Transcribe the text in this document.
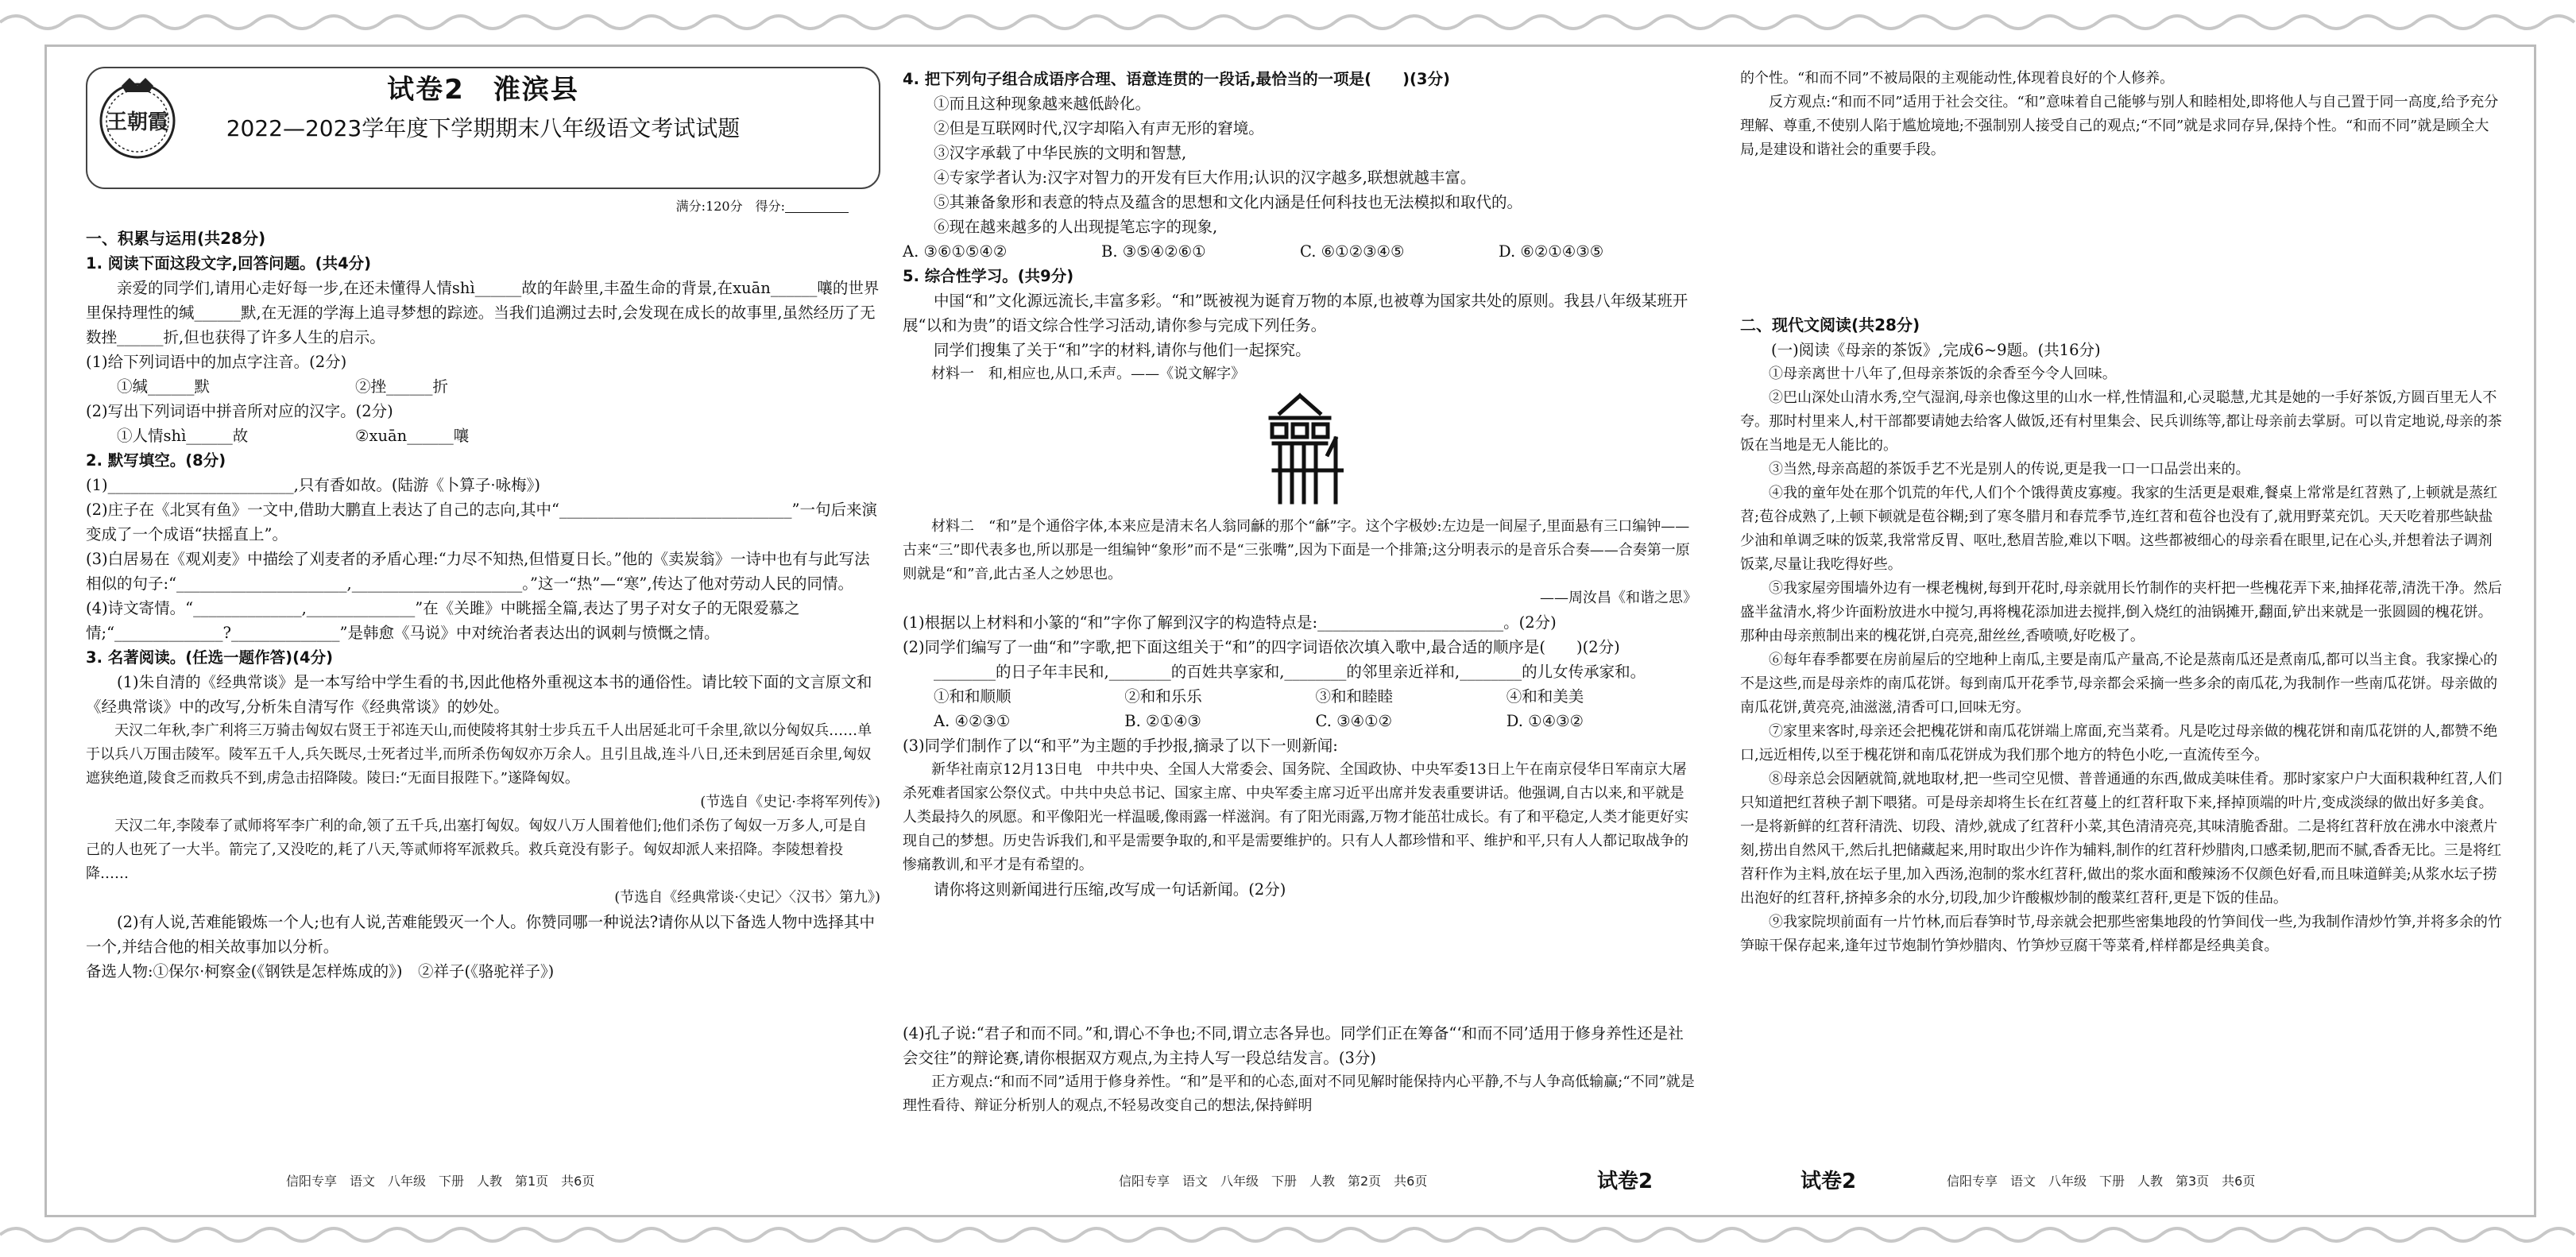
王朝霞
试卷2　淮滨县
2022—2023学年度下学期期末八年级语文考试试题
满分:120分　得分:

一、积累与运用(共28分)

1. 阅读下面这段文字,回答问题。(共4分)

亲爱的同学们,请用心走好每一步,在还未懂得人情shì______故的年龄里,丰盈生命的背景,在xuān______嚷的世界里保持理性的缄______默,在无涯的学海上追寻梦想的踪迹。当我们追溯过去时,会发现在成长的故事里,虽然经历了无数挫______折,但也获得了许多人生的启示。

(1)给下列词语中的加点字注音。(2分)

①缄______默	②挫______折

(2)写出下列词语中拼音所对应的汉字。(2分)

①人情shì______故	②xuān______嚷

2. 默写填空。(8分)

(1)________________________,只有香如故。(陆游《卜算子·咏梅》)

(2)庄子在《北冥有鱼》一文中,借助大鹏直上表达了自己的志向,其中“______________________________”一句后来演变成了一个成语“扶摇直上”。

(3)白居易在《观刈麦》中描绘了刈麦者的矛盾心理:“力尽不知热,但惜夏日长。”他的《卖炭翁》一诗中也有与此写法相似的句子:“______________________,______________________。”这一“热”—“寒”,传达了他对劳动人民的同情。

(4)诗文寄情。“______________,______________”在《关雎》中眺摇全篇,表达了男子对女子的无限爱慕之情;“______________?______________”是韩愈《马说》中对统治者表达出的讽刺与愤慨之情。

3. 名著阅读。(任选一题作答)(4分)

(1)朱自清的《经典常谈》是一本写给中学生看的书,因此他格外重视这本书的通俗性。请比较下面的文言原文和《经典常谈》中的改写,分析朱自清写作《经典常谈》的妙处。

天汉二年秋,李广利将三万骑击匈奴右贤王于祁连天山,而使陵将其射士步兵五千人出居延北可千余里,欲以分匈奴兵……单于以兵八万围击陵军。陵军五千人,兵矢既尽,士死者过半,而所杀伤匈奴亦万余人。且引且战,连斗八日,还未到居延百余里,匈奴遮狭绝道,陵食乏而救兵不到,虏急击招降陵。陵曰:“无面目报陛下。”遂降匈奴。

(节选自《史记·李将军列传》)

天汉二年,李陵奉了贰师将军李广利的命,领了五千兵,出塞打匈奴。匈奴八万人围着他们;他们杀伤了匈奴一万多人,可是自己的人也死了一大半。箭完了,又没吃的,耗了八天,等贰师将军派救兵。救兵竟没有影子。匈奴却派人来招降。李陵想着投降……

(节选自《经典常谈·〈史记〉〈汉书〉第九》)

(2)有人说,苦难能锻炼一个人;也有人说,苦难能毁灭一个人。你赞同哪一种说法?请你从以下备选人物中选择其中一个,并结合他的相关故事加以分析。

备选人物:①保尔·柯察金(《钢铁是怎样炼成的》)　②祥子(《骆驼祥子》)

4. 把下列句子组合成语序合理、语意连贯的一段话,最恰当的一项是(　　)(3分)

①而且这种现象越来越低龄化。

②但是互联网时代,汉字却陷入有声无形的窘境。

③汉字承载了中华民族的文明和智慧,

④专家学者认为:汉字对智力的开发有巨大作用;认识的汉字越多,联想就越丰富。

⑤其兼备象形和表意的特点及蕴含的思想和文化内涵是任何科技也无法模拟和取代的。

⑥现在越来越多的人出现提笔忘字的现象,

A. ③⑥①⑤④②	B. ③⑤④②⑥①	C. ⑥①②③④⑤	D. ⑥②①④③⑤

5. 综合性学习。(共9分)

中国“和”文化源远流长,丰富多彩。“和”既被视为诞育万物的本原,也被尊为国家共处的原则。我县八年级某班开展“以和为贵”的语文综合性学习活动,请你参与完成下列任务。

同学们搜集了关于“和”字的材料,请你与他们一起探究。

材料一　和,相应也,从口,禾声。——《说文解字》

材料二　“和”是个通俗字体,本来应是清末名人翁同龢的那个“龢”字。这个字极妙:左边是一间屋子,里面悬有三口编钟——古来“三”即代表多也,所以那是一组编钟“象形”而不是“三张嘴”,因为下面是一个排箫;这分明表示的是音乐合奏——合奏第一原则就是“和”音,此古圣人之妙思也。

——周汝昌《和谐之思》

(1)根据以上材料和小篆的“和”字你了解到汉字的构造特点是:________________________。(2分)

(2)同学们编写了一曲“和”字歌,把下面这组关于“和”的四字词语依次填入歌中,最合适的顺序是(　　)(2分)

________的日子年丰民和,________的百姓共享家和,________的邻里亲近祥和,________的儿女传承家和。

①和和顺顺	②和和乐乐	③和和睦睦	④和和美美
A. ④②③①	B. ②①④③	C. ③④①②	D. ①④③②

(3)同学们制作了以“和平”为主题的手抄报,摘录了以下一则新闻:

新华社南京12月13日电　中共中央、全国人大常委会、国务院、全国政协、中央军委13日上午在南京侵华日军南京大屠杀死难者国家公祭仪式。中共中央总书记、国家主席、中央军委主席习近平出席并发表重要讲话。他强调,自古以来,和平就是人类最持久的夙愿。和平像阳光一样温暖,像雨露一样滋润。有了阳光雨露,万物才能茁壮成长。有了和平稳定,人类才能更好实现自己的梦想。历史告诉我们,和平是需要争取的,和平是需要维护的。只有人人都珍惜和平、维护和平,只有人人都记取战争的惨痛教训,和平才是有希望的。

请你将这则新闻进行压缩,改写成一句话新闻。(2分)

(4)孔子说:“君子和而不同。”和,谓心不争也;不同,谓立志各异也。同学们正在筹备“‘和而不同’适用于修身养性还是社会交往”的辩论赛,请你根据双方观点,为主持人写一段总结发言。(3分)

正方观点:“和而不同”适用于修身养性。“和”是平和的心态,面对不同见解时能保持内心平静,不与人争高低输赢;“不同”就是理性看待、辩证分析别人的观点,不轻易改变自己的想法,保持鲜明

的个性。“和而不同”不被局限的主观能动性,体现着良好的个人修养。

反方观点:“和而不同”适用于社会交往。“和”意味着自己能够与别人和睦相处,即将他人与自己置于同一高度,给予充分理解、尊重,不使别人陷于尴尬境地;不强制别人接受自己的观点;“不同”就是求同存异,保持个性。“和而不同”就是顾全大局,是建设和谐社会的重要手段。

二、现代文阅读(共28分)

(一)阅读《母亲的茶饭》,完成6~9题。(共16分)

①母亲离世十八年了,但母亲茶饭的余香至今令人回味。

②巴山深处山清水秀,空气湿润,母亲也像这里的山水一样,性情温和,心灵聪慧,尤其是她的一手好茶饭,方圆百里无人不夸。那时村里来人,村干部都要请她去给客人做饭,还有村里集会、民兵训练等,都让母亲前去掌厨。可以肯定地说,母亲的茶饭在当地是无人能比的。

③当然,母亲高超的茶饭手艺不光是别人的传说,更是我一口一口品尝出来的。

④我的童年处在那个饥荒的年代,人们个个饿得黄皮寡瘦。我家的生活更是艰难,餐桌上常常是红苕熟了,上顿就是蒸红苕;苞谷成熟了,上顿下顿就是苞谷糊;到了寒冬腊月和春荒季节,连红苕和苞谷也没有了,就用野菜充饥。天天吃着那些缺盐少油和单调乏味的饭菜,我常常反胃、呕吐,愁眉苦脸,难以下咽。这些都被细心的母亲看在眼里,记在心头,并想着法子调剂饭菜,尽量让我吃得好些。

⑤我家屋旁围墙外边有一棵老槐树,每到开花时,母亲就用长竹制作的夹杆把一些槐花弄下来,抽择花蒂,清洗干净。然后盛半盆清水,将少许面粉放进水中搅匀,再将槐花添加进去搅拌,倒入烧红的油锅摊开,翻面,铲出来就是一张圆圆的槐花饼。那种由母亲煎制出来的槐花饼,白亮亮,甜丝丝,香喷喷,好吃极了。

⑥每年春季都要在房前屋后的空地种上南瓜,主要是南瓜产量高,不论是蒸南瓜还是煮南瓜,都可以当主食。我家操心的不是这些,而是母亲炸的南瓜花饼。每到南瓜开花季节,母亲都会采摘一些多余的南瓜花,为我制作一些南瓜花饼。母亲做的南瓜花饼,黄亮亮,油滋滋,清香可口,回味无穷。

⑦家里来客时,母亲还会把槐花饼和南瓜花饼端上席面,充当菜肴。凡是吃过母亲做的槐花饼和南瓜花饼的人,都赞不绝口,远近相传,以至于槐花饼和南瓜花饼成为我们那个地方的特色小吃,一直流传至今。

⑧母亲总会因陋就简,就地取材,把一些司空见惯、普普通通的东西,做成美味佳肴。那时家家户户大面积栽种红苕,人们只知道把红苕秧子割下喂猪。可是母亲却将生长在红苕蔓上的红苕秆取下来,择掉顶端的叶片,变成淡绿的做出好多美食。一是将新鲜的红苕秆清洗、切段、清炒,就成了红苕秆小菜,其色清清亮亮,其味清脆香甜。二是将红苕秆放在沸水中滚煮片刻,捞出自然风干,然后扎把储藏起来,用时取出少许作为辅料,制作的红苕秆炒腊肉,口感柔韧,肥而不腻,香香无比。三是将红苕秆作为主料,放在坛子里,加入西汤,泡制的浆水红苕秆,做出的浆水面和酸辣汤不仅颜色好看,而且味道鲜美;从浆水坛子捞出泡好的红苕秆,挤掉多余的水分,切段,加少许酸椒炒制的酸菜红苕秆,更是下饭的佳品。

⑨我家院坝前面有一片竹林,而后春笋时节,母亲就会把那些密集地段的竹笋间伐一些,为我制作清炒竹笋,并将多余的竹笋晾干保存起来,逢年过节炮制竹笋炒腊肉、竹笋炒豆腐干等菜肴,样样都是经典美食。

信阳专享　语文　八年级　下册　人教　第1页　共6页	信阳专享　语文　八年级　下册　人教　第2页　共6页	试卷2	试卷2	信阳专享　语文　八年级　下册　人教　第3页　共6页
